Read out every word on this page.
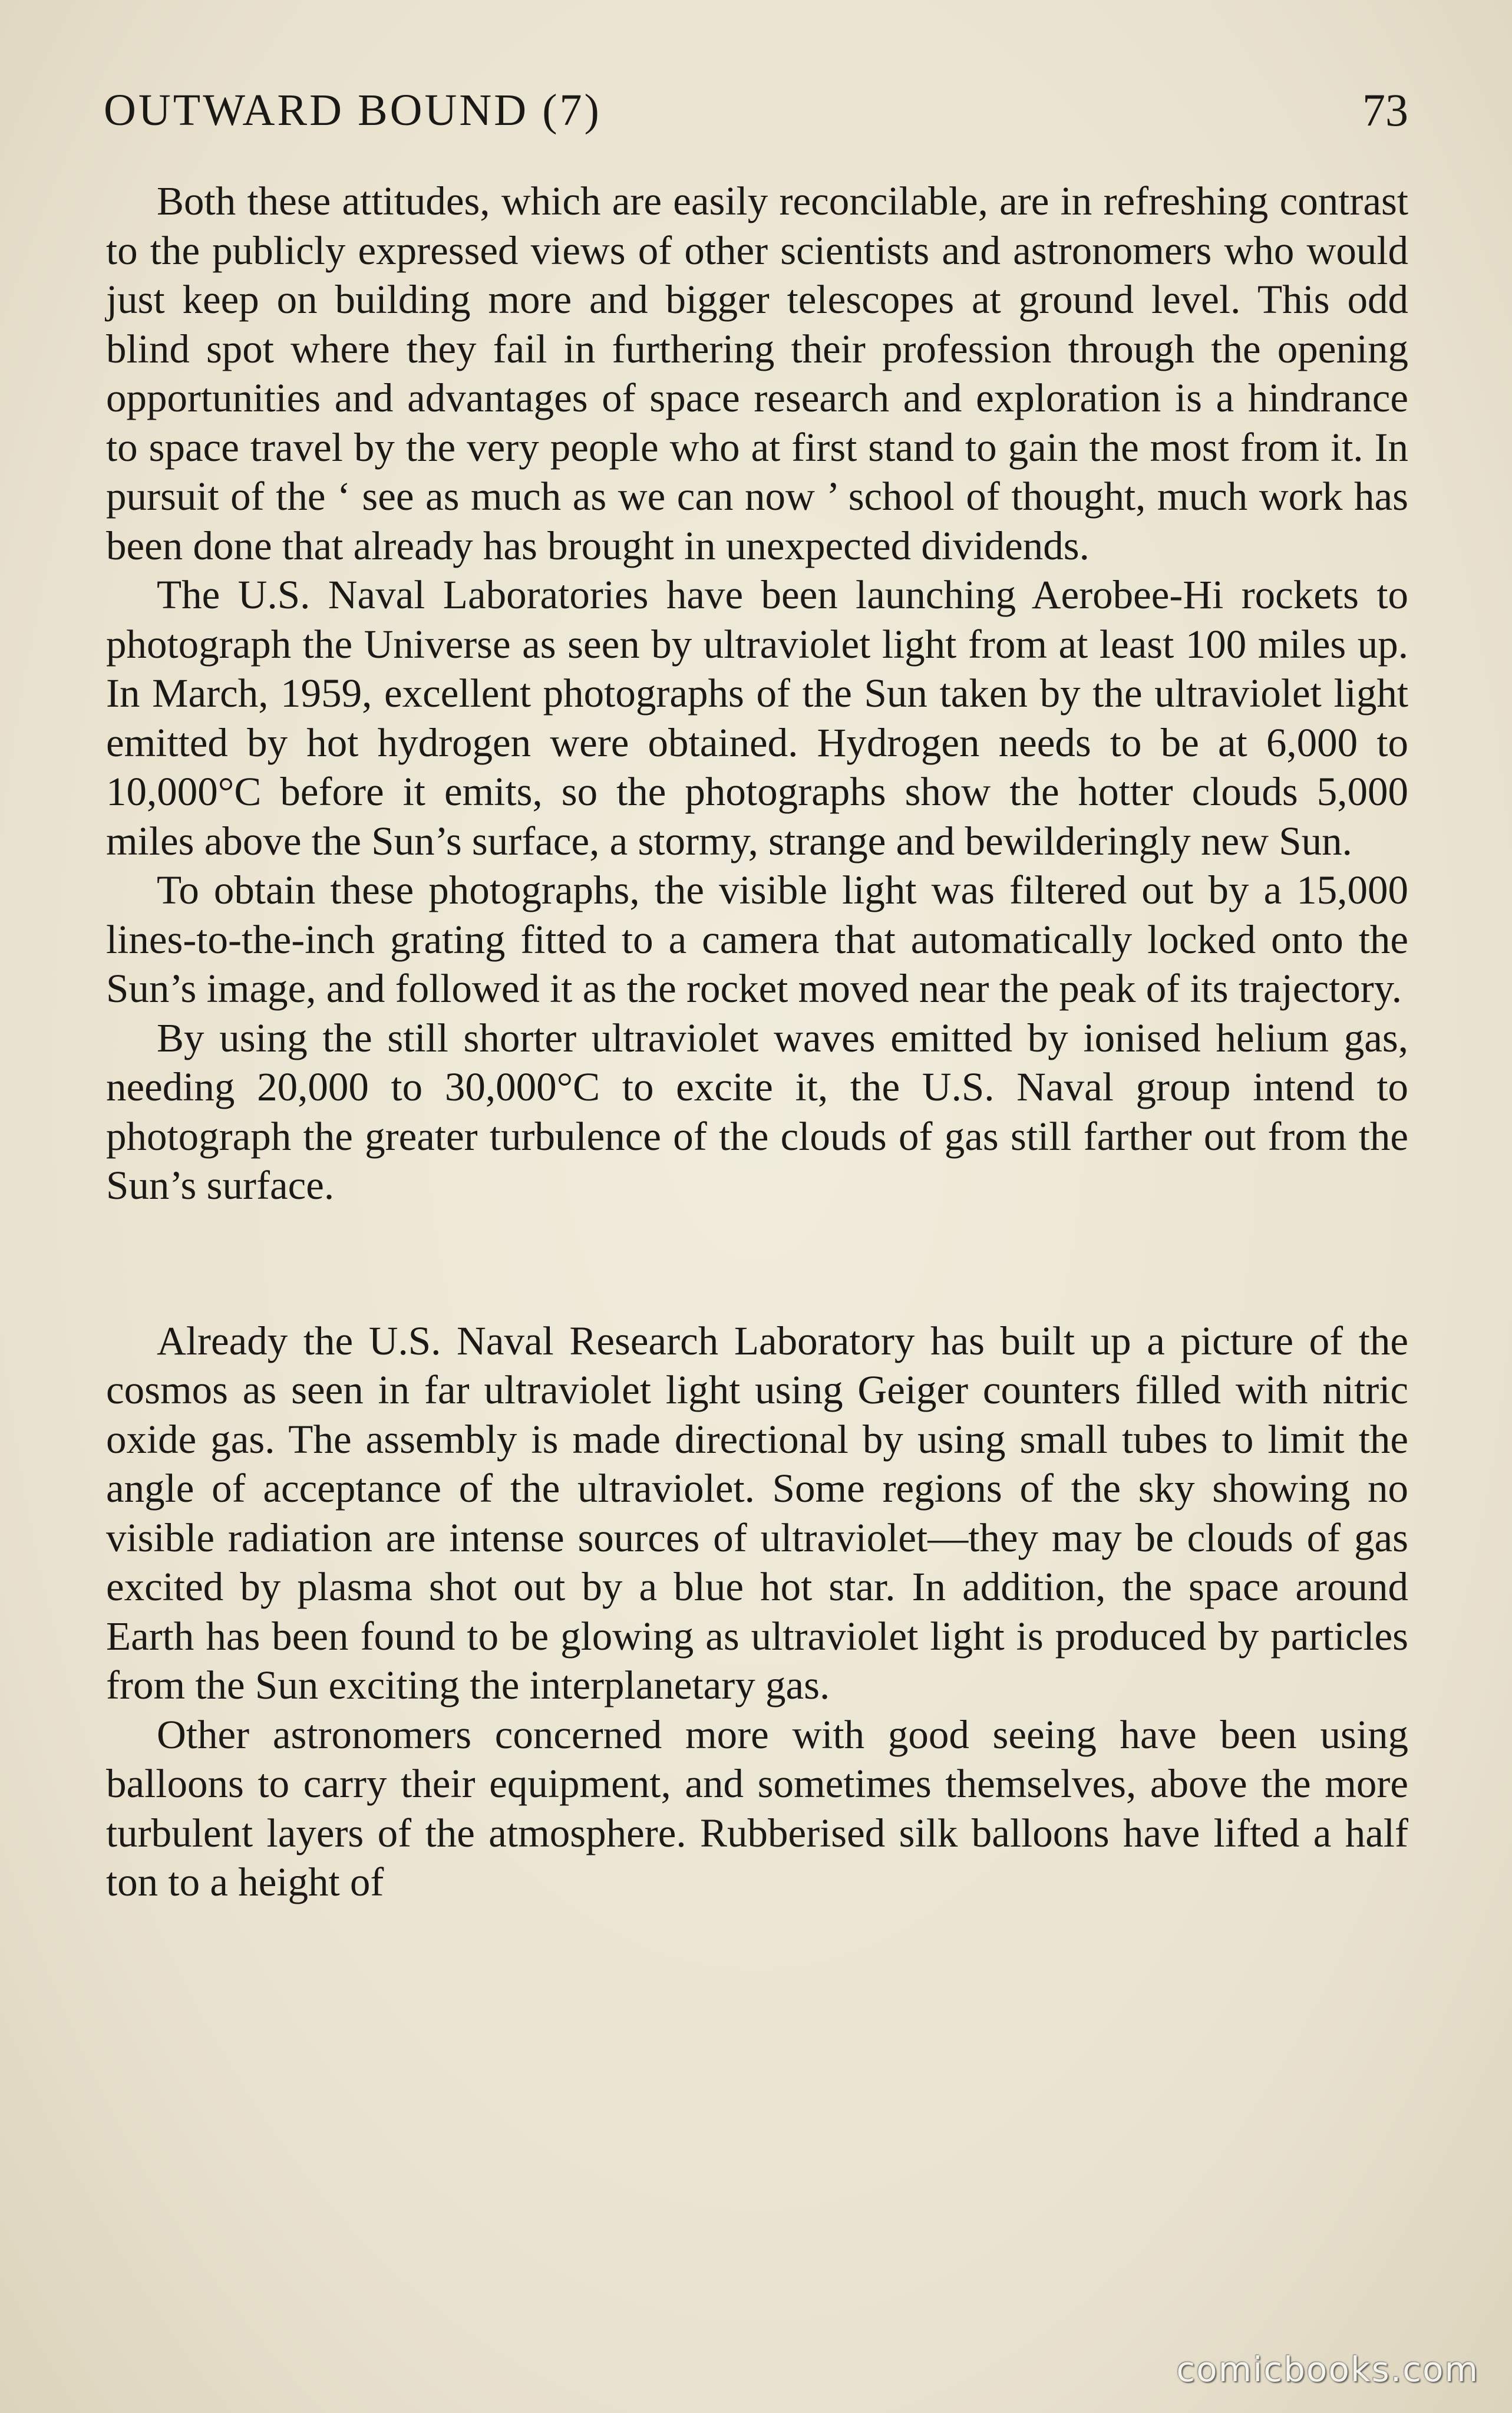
OUTWARD BOUND (7)	73

Both these attitudes, which are easily reconcilable, are in refreshing contrast to the publicly expressed views of other scientists and astronomers who would just keep on building more and bigger telescopes at ground level. This odd blind spot where they fail in furthering their profession through the opening opportunities and advantages of space research and exploration is a hindrance to space travel by the very people who at first stand to gain the most from it. In pursuit of the ‘ see as much as we can now ’ school of thought, much work has been done that already has brought in unexpected dividends.

The U.S. Naval Laboratories have been launching Aerobee-Hi rockets to photograph the Universe as seen by ultraviolet light from at least 100 miles up. In March, 1959, excellent photographs of the Sun taken by the ultraviolet light emitted by hot hydrogen were obtained. Hydrogen needs to be at 6,000 to 10,000°C before it emits, so the photographs show the hotter clouds 5,000 miles above the Sun’s surface, a stormy, strange and bewilderingly new Sun.

To obtain these photographs, the visible light was filtered out by a 15,000 lines-to-the-inch grating fitted to a camera that automatically locked onto the Sun’s image, and followed it as the rocket moved near the peak of its trajectory.

By using the still shorter ultraviolet waves emitted by ionised helium gas, needing 20,000 to 30,000°C to excite it, the U.S. Naval group intend to photograph the greater turbulence of the clouds of gas still farther out from the Sun’s surface.

Already the U.S. Naval Research Laboratory has built up a picture of the cosmos as seen in far ultraviolet light using Geiger counters filled with nitric oxide gas. The assembly is made directional by using small tubes to limit the angle of acceptance of the ultraviolet. Some regions of the sky showing no visible radiation are intense sources of ultraviolet—they may be clouds of gas excited by plasma shot out by a blue hot star. In addition, the space around Earth has been found to be glowing as ultraviolet light is produced by particles from the Sun exciting the interplanetary gas.

Other astronomers concerned more with good seeing have been using balloons to carry their equipment, and sometimes themselves, above the more turbulent layers of the atmosphere. Rubberised silk balloons have lifted a half ton to a height of

comicbooks.com
